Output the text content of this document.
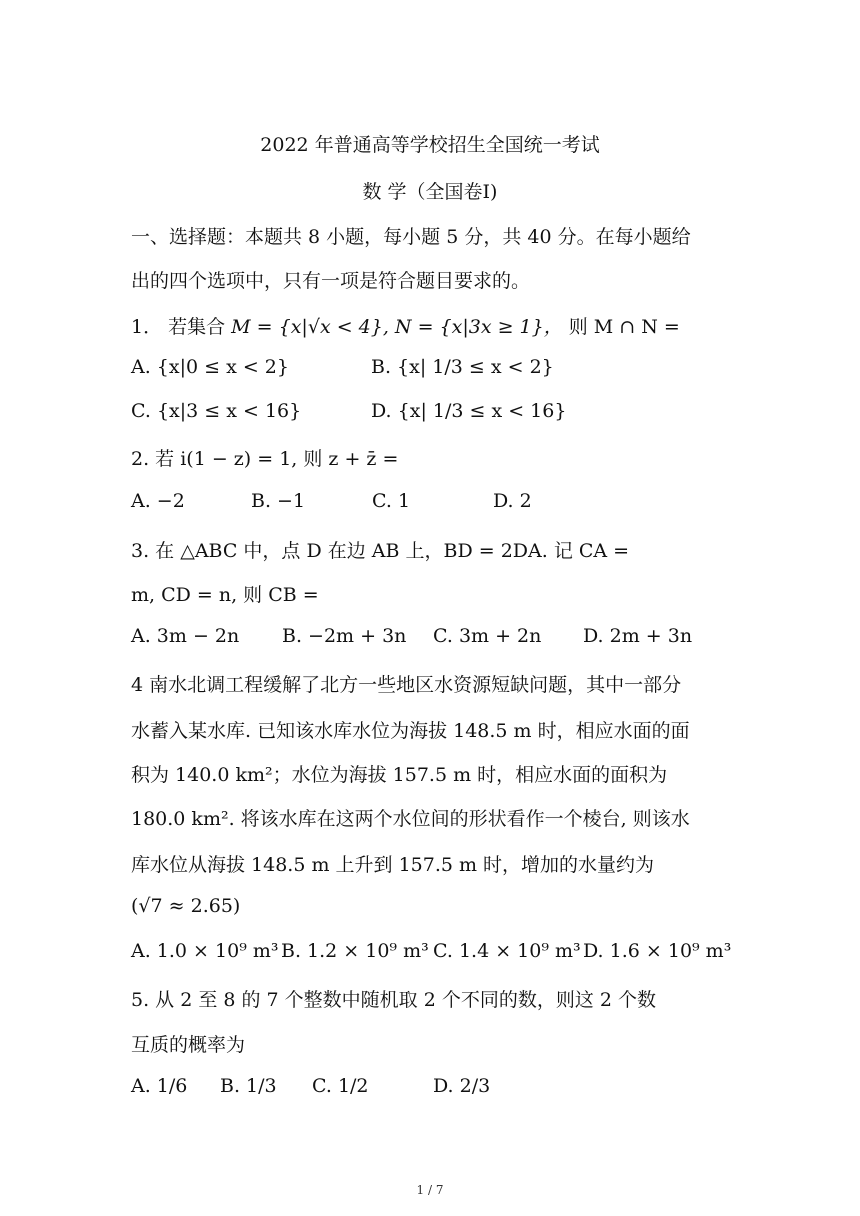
2022 年普通高等学校招生全国统一考试
数 学（全国卷Ⅰ)
一、选择题：本题共 8 小题，每小题 5 分，共 40 分。在每小题给
出的四个选项中，只有一项是符合题目要求的。
1． 若集合 M = {x|√x < 4}, N = {x|3x ≥ 1}， 则 M ∩ N =
A. {x|0 ≤ x < 2}	B. {x| 1/3 ≤ x < 2}
C. {x|3 ≤ x < 16}	D. {x| 1/3 ≤ x < 16}
2. 若 i(1 − z) = 1, 则 z + z̄ =
A. −2	B. −1	C. 1	D. 2
3. 在 △ABC 中，点 D 在边 AB 上，BD = 2DA. 记 CA =
m, CD = n, 则 CB =
A. 3m − 2n B. −2m + 3n C. 3m + 2n D. 2m + 3n
4 南水北调工程缓解了北方一些地区水资源短缺问题，其中一部分
水蓄入某水库. 已知该水库水位为海拔 148.5 m 时，相应水面的面
积为 140.0 km²；水位为海拔 157.5 m 时，相应水面的面积为
180.0 km². 将该水库在这两个水位间的形状看作一个棱台, 则该水
库水位从海拔 148.5 m 上升到 157.5 m 时，增加的水量约为
(√7 ≈ 2.65)
A. 1.0 × 10⁹ m³ B. 1.2 × 10⁹ m³ C. 1.4 × 10⁹ m³ D. 1.6 × 10⁹ m³
5. 从 2 至 8 的 7 个整数中随机取 2 个不同的数，则这 2 个数
互质的概率为
A. 1/6 B. 1/3 C. 1/2	D. 2/3
1 / 7
